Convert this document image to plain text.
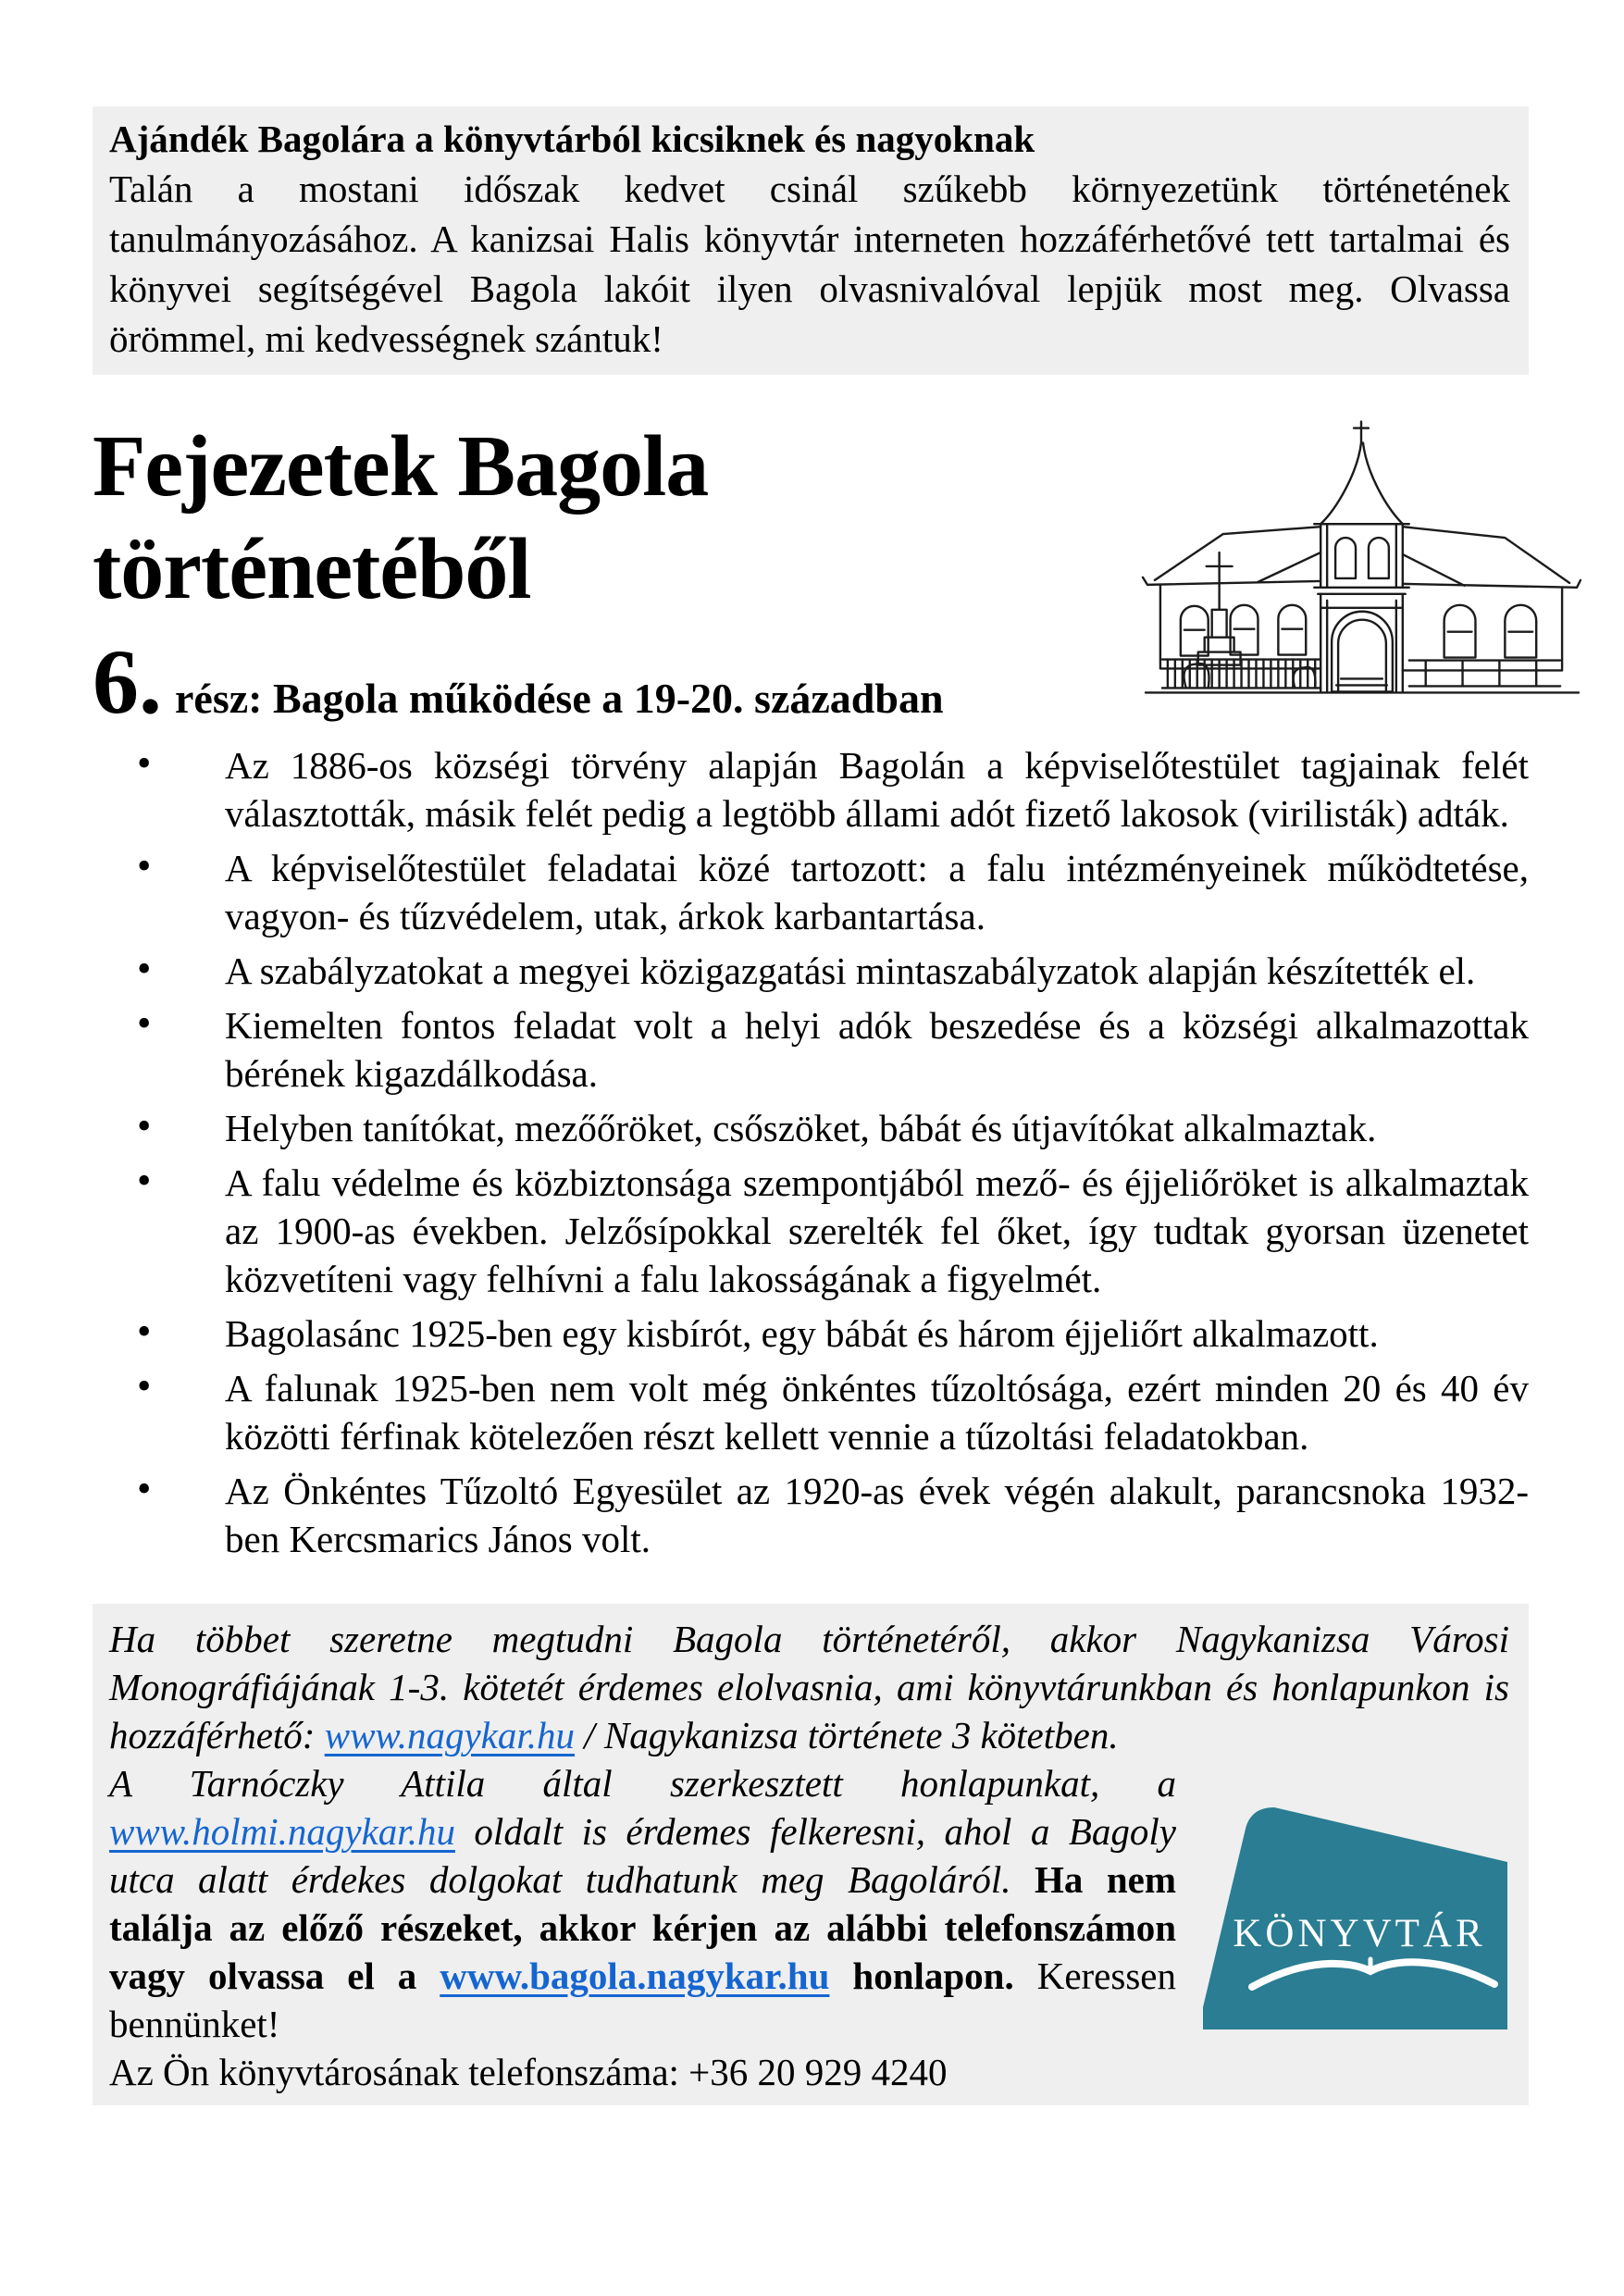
Ajándék Bagolára a könyvtárból kicsiknek és nagyoknak
Talán a mostani időszak kedvet csinál szűkebb környezetünk történetének tanulmányozásához. A kanizsai Halis könyvtár interneten hozzáférhetővé tett tartalmai és könyvei segítségével Bagola lakóit ilyen olvasnivalóval lepjük most meg. Olvassa örömmel, mi kedvességnek szántuk!
Fejezetek Bagola
történetéből
6. rész: Bagola működése a 19-20. században
• Az 1886-os községi törvény alapján Bagolán a képviselőtestület tagjainak felét választották, másik felét pedig a legtöbb állami adót fizető lakosok (virilisták) adták.
• A képviselőtestület feladatai közé tartozott: a falu intézményeinek működtetése, vagyon- és tűzvédelem, utak, árkok karbantartása.
• A szabályzatokat a megyei közigazgatási mintaszabályzatok alapján készítették el.
• Kiemelten fontos feladat volt a helyi adók beszedése és a községi alkalmazottak bérének kigazdálkodása.
• Helyben tanítókat, mezőőröket, csőszöket, bábát és útjavítókat alkalmaztak.
• A falu védelme és közbiztonsága szempontjából mező- és éjjeliőröket is alkalmaztak az 1900-as években. Jelzősípokkal szerelték fel őket, így tudtak gyorsan üzenetet közvetíteni vagy felhívni a falu lakosságának a figyelmét.
• Bagolasánc 1925-ben egy kisbírót, egy bábát és három éjjeliőrt alkalmazott.
• A falunak 1925-ben nem volt még önkéntes tűzoltósága, ezért minden 20 és 40 év közötti férfinak kötelezően részt kellett vennie a tűzoltási feladatokban.
• Az Önkéntes Tűzoltó Egyesület az 1920-as évek végén alakult, parancsnoka 1932-ben Kercsmarics János volt.
KÖNYVTÁR
Ha többet szeretne megtudni Bagola történetéről, akkor Nagykanizsa Városi Monográfiájának 1-3. kötetét érdemes elolvasnia, ami könyvtárunkban és honlapunkon is hozzáférhető: www.nagykar.hu / Nagykanizsa története 3 kötetben.
A Tarnóczky Attila által szerkesztett honlapunkat, a www.holmi.nagykar.hu oldalt is érdemes felkeresni, ahol a Bagoly utca alatt érdekes dolgokat tudhatunk meg Bagoláról. Ha nem találja az előző részeket, akkor kérjen az alábbi telefonszámon vagy olvassa el a www.bagola.nagykar.hu honlapon. Keressen bennünket!
Az Ön könyvtárosának telefonszáma: +36 20 929 4240
